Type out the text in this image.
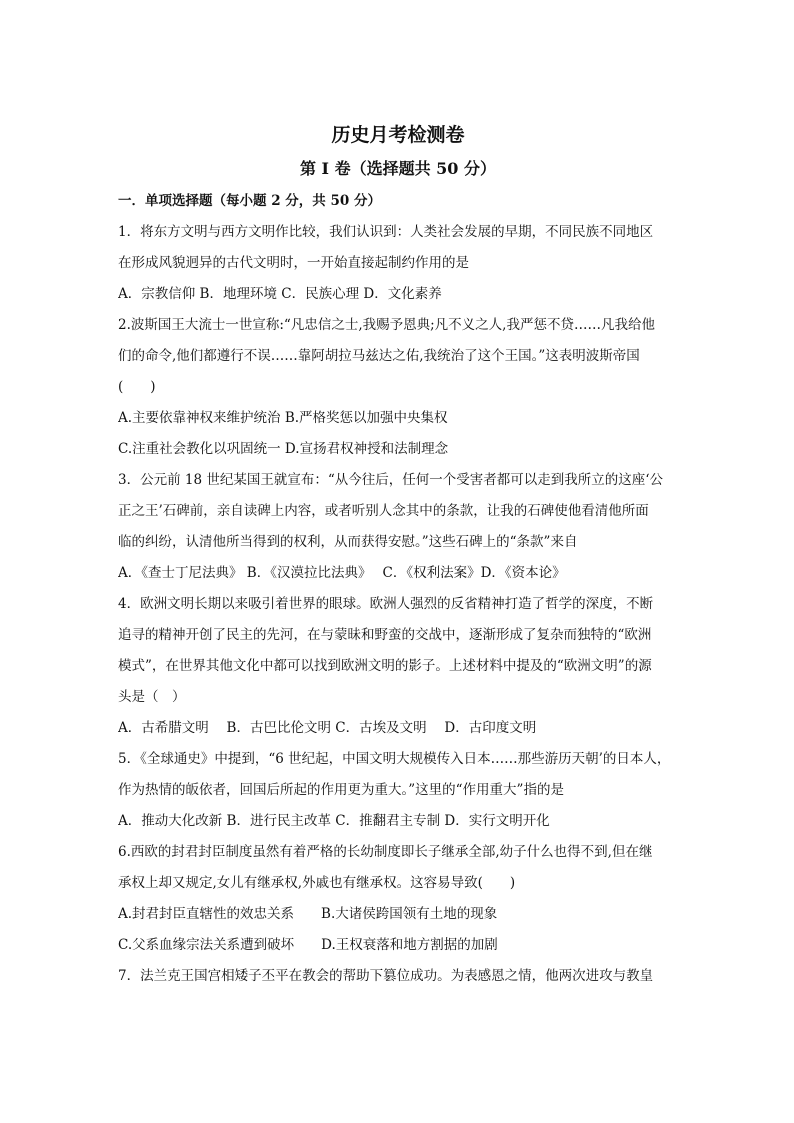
历史月考检测卷
第 I 卷（选择题共 50 分）
一．单项选择题（每小题 2 分，共 50 分）
1．将东方文明与西方文明作比较，我们认识到：人类社会发展的早期，不同民族不同地区
在形成风貌迥异的古代文明时，一开始直接起制约作用的是
A．宗教信仰 B．地理环境 C．民族心理 D．文化素养
2.波斯国王大流士一世宣称:“凡忠信之士,我赐予恩典;凡不义之人,我严惩不贷……凡我给他
们的命令,他们都遵行不误……靠阿胡拉马兹达之佑,我统治了这个王国。”这表明波斯帝国
(　　)
A.主要依靠神权来维护统治 B.严格奖惩以加强中央集权
C.注重社会教化以巩固统一 D.宣扬君权神授和法制理念
3．公元前 18 世纪某国王就宣布：“从今往后，任何一个受害者都可以走到我所立的这座‘公
正之王’石碑前，亲自读碑上内容，或者听别人念其中的条款，让我的石碑使他看清他所面
临的纠纷，认清他所当得到的权利，从而获得安慰。”这些石碑上的“条款”来自
A．《查士丁尼法典》 B．《汉漠拉比法典》　 C．《权利法案》D．《资本论》
4．欧洲文明长期以来吸引着世界的眼球。欧洲人强烈的反省精神打造了哲学的深度，不断
追寻的精神开创了民主的先河，在与蒙昧和野蛮的交战中，逐渐形成了复杂而独特的“欧洲
模式”，在世界其他文化中都可以找到欧洲文明的影子。上述材料中提及的“欧洲文明”的源
头是（　）
A．古希腊文明　 B．古巴比伦文明 C．古埃及文明　 D．古印度文明
5．《全球通史》中提到，“6 世纪起，中国文明大规模传入日本……那些游历天朝’的日本人，
作为热情的皈依者，回国后所起的作用更为重大。”这里的“作用重大”指的是
A．推动大化改新 B．进行民主改革 C．推翻君主专制 D．实行文明开化
6.西欧的封君封臣制度虽然有着严格的长幼制度即长子继承全部,幼子什么也得不到,但在继
承权上却又规定,女儿有继承权,外戚也有继承权。这容易导致(　　)
A.封君封臣直辖性的效忠关系　　B.大诸侯跨国领有土地的现象
C.父系血缘宗法关系遭到破坏　　D.王权衰落和地方割据的加剧
7．法兰克王国宫相矮子丕平在教会的帮助下篡位成功。为表感恩之情，他两次进攻与教皇
